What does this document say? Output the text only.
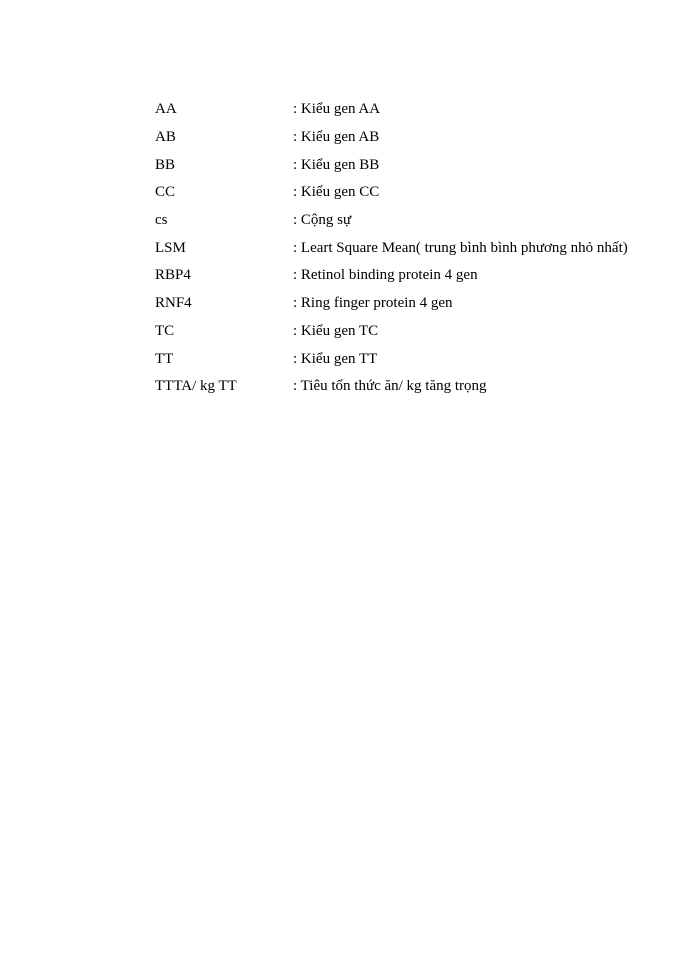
AA	: Kiểu gen AA
AB	: Kiểu gen AB
BB	: Kiểu gen BB
CC	: Kiểu gen CC
cs	: Cộng sự
LSM	: Leart Square Mean( trung bình bình phương nhỏ nhất)
RBP4	: Retinol binding protein 4 gen
RNF4	: Ring finger protein 4 gen
TC	: Kiểu gen TC
TT	: Kiểu gen TT
TTTA/ kg TT	: Tiêu tốn thức ăn/ kg tăng trọng
